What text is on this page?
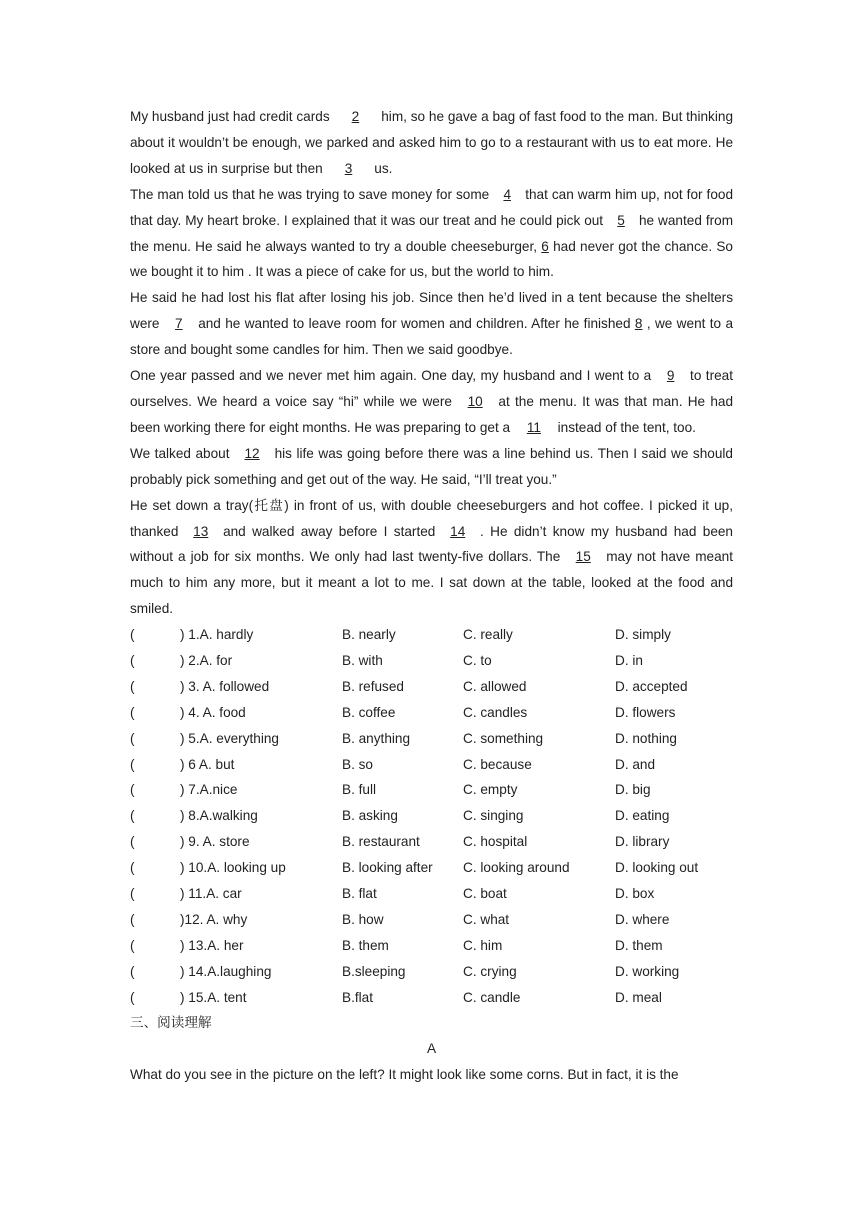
My husband just had credit cards 2 him, so he gave a bag of fast food to the man. But thinking about it wouldn’t be enough, we parked and asked him to go to a restaurant with us to eat more. He looked at us in surprise but then 3 us.

The man told us that he was trying to save money for some 4 that can warm him up, not for food that day. My heart broke. I explained that it was our treat and he could pick out 5 he wanted from the menu. He said he always wanted to try a double cheeseburger, 6 had never got the chance. So we bought it to him . It was a piece of cake for us, but the world to him.

He said he had lost his flat after losing his job. Since then he’d lived in a tent because the shelters were 7 and he wanted to leave room for women and children. After he finished 8 , we went to a store and bought some candles for him. Then we said goodbye.

One year passed and we never met him again. One day, my husband and I went to a 9 to treat ourselves. We heard a voice say “hi” while we were 10 at the menu. It was that man. He had been working there for eight months. He was preparing to get a 11 instead of the tent, too.

We talked about 12 his life was going before there was a line behind us. Then I said we should probably pick something and get out of the way. He said, “I’ll treat you.”

He set down a tray(托盘) in front of us, with double cheeseburgers and hot coffee. I picked it up, thanked 13 and walked away before I started 14 . He didn’t know my husband had been without a job for six months. We only had last twenty-five dollars. The 15 may not have meant much to him any more, but it meant a lot to me. I sat down at the table, looked at the food and smiled.

(	) 1.A. hardly	B. nearly	C. really	D. simply
(	) 2.A. for	B. with	C. to	D. in
(	) 3. A. followed	B. refused	C. allowed	D. accepted
(	) 4. A. food	B. coffee	C. candles	D. flowers
(	) 5.A. everything	B. anything	C. something	D. nothing
(	) 6 A. but	B. so	C. because	D. and
(	) 7.A.nice	B. full	C. empty	D. big
(	) 8.A.walking	B. asking	C. singing	D. eating
(	) 9. A. store	B. restaurant	C. hospital	D. library
(	) 10.A. looking up	B. looking after	C. looking around	D. looking out
(	) 11.A. car	B. flat	C. boat	D. box
(	)12. A. why	B. how	C. what	D. where
(	) 13.A. her	B. them	C. him	D. them
(	) 14.A.laughing	B.sleeping	C. crying	D. working
(	) 15.A. tent	B.flat	C. candle	D. meal
三、阅读理解
A

What do you see in the picture on the left? It might look like some corns. But in fact, it is the
